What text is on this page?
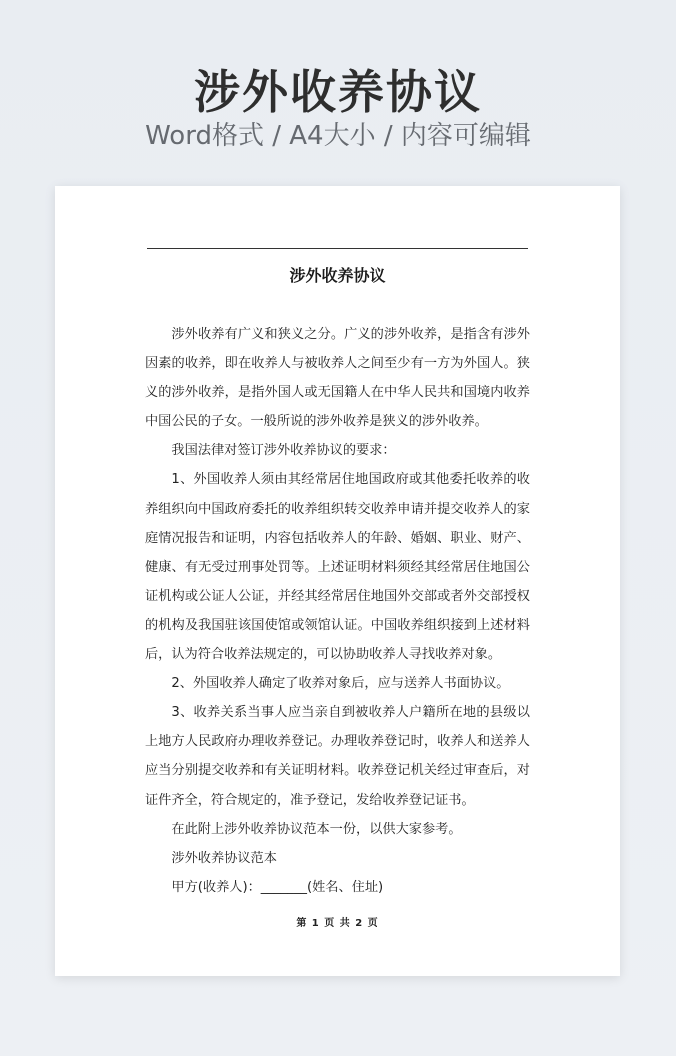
涉外收养协议
Word格式 / A4大小 / 内容可编辑
涉外收养协议

涉外收养有广义和狭义之分。广义的涉外收养，是指含有涉外因素的收养，即在收养人与被收养人之间至少有一方为外国人。狭义的涉外收养，是指外国人或无国籍人在中华人民共和国境内收养中国公民的子女。一般所说的涉外收养是狭义的涉外收养。

我国法律对签订涉外收养协议的要求：

1、外国收养人须由其经常居住地国政府或其他委托收养的收养组织向中国政府委托的收养组织转交收养申请并提交收养人的家庭情况报告和证明，内容包括收养人的年龄、婚姻、职业、财产、健康、有无受过刑事处罚等。上述证明材料须经其经常居住地国公证机构或公证人公证，并经其经常居住地国外交部或者外交部授权的机构及我国驻该国使馆或领馆认证。中国收养组织接到上述材料后，认为符合收养法规定的，可以协助收养人寻找收养对象。

2、外国收养人确定了收养对象后，应与送养人书面协议。

3、收养关系当事人应当亲自到被收养人户籍所在地的县级以上地方人民政府办理收养登记。办理收养登记时，收养人和送养人应当分别提交收养和有关证明材料。收养登记机关经过审查后，对证件齐全，符合规定的，准予登记，发给收养登记证书。

在此附上涉外收养协议范本一份，以供大家参考。

涉外收养协议范本

甲方(收养人)：_______(姓名、住址)

第 1 页 共 2 页
